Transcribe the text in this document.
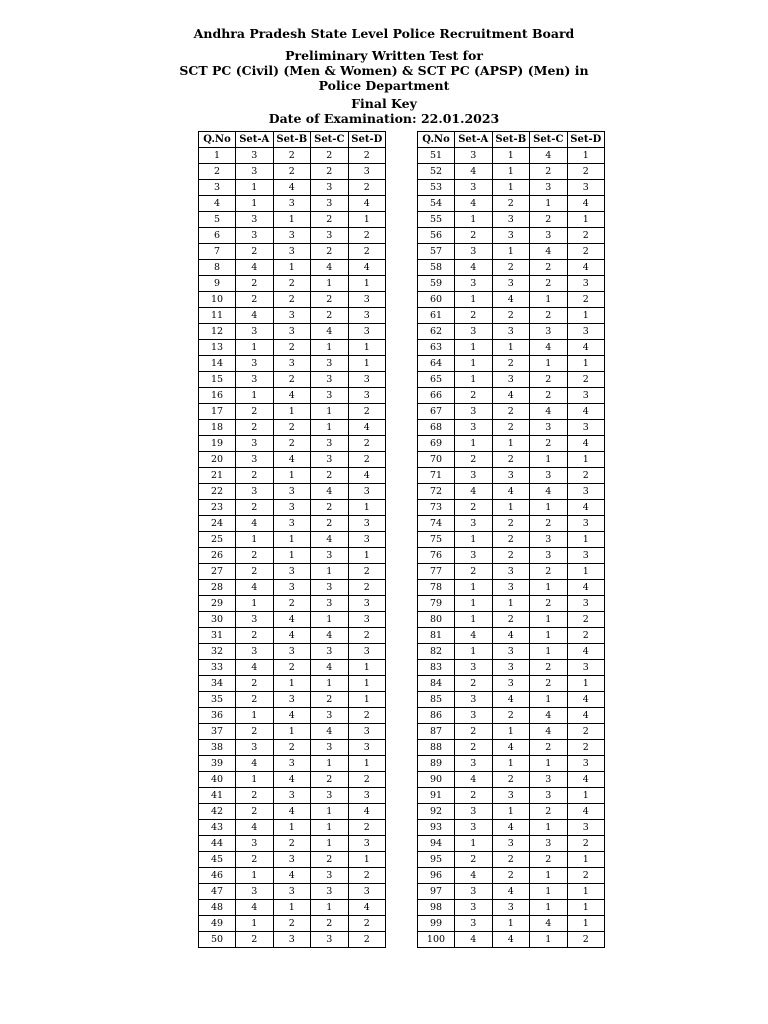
Andhra Pradesh State Level Police Recruitment Board
Preliminary Written Test for
SCT PC (Civil) (Men & Women) & SCT PC (APSP) (Men) in
Police Department
Final Key
Date of Examination: 22.01.2023
Q.No	Set-A	Set-B	Set-C	Set-D
1	3	2	2	2
2	3	2	2	3
3	1	4	3	2
4	1	3	3	4
5	3	1	2	1
6	3	3	3	2
7	2	3	2	2
8	4	1	4	4
9	2	2	1	1
10	2	2	2	3
11	4	3	2	3
12	3	3	4	3
13	1	2	1	1
14	3	3	3	1
15	3	2	3	3
16	1	4	3	3
17	2	1	1	2
18	2	2	1	4
19	3	2	3	2
20	3	4	3	2
21	2	1	2	4
22	3	3	4	3
23	2	3	2	1
24	4	3	2	3
25	1	1	4	3
26	2	1	3	1
27	2	3	1	2
28	4	3	3	2
29	1	2	3	3
30	3	4	1	3
31	2	4	4	2
32	3	3	3	3
33	4	2	4	1
34	2	1	1	1
35	2	3	2	1
36	1	4	3	2
37	2	1	4	3
38	3	2	3	3
39	4	3	1	1
40	1	4	2	2
41	2	3	3	3
42	2	4	1	4
43	4	1	1	2
44	3	2	1	3
45	2	3	2	1
46	1	4	3	2
47	3	3	3	3
48	4	1	1	4
49	1	2	2	2
50	2	3	3	2
Q.No	Set-A	Set-B	Set-C	Set-D
51	3	1	4	1
52	4	1	2	2
53	3	1	3	3
54	4	2	1	4
55	1	3	2	1
56	2	3	3	2
57	3	1	4	2
58	4	2	2	4
59	3	3	2	3
60	1	4	1	2
61	2	2	2	1
62	3	3	3	3
63	1	1	4	4
64	1	2	1	1
65	1	3	2	2
66	2	4	2	3
67	3	2	4	4
68	3	2	3	3
69	1	1	2	4
70	2	2	1	1
71	3	3	3	2
72	4	4	4	3
73	2	1	1	4
74	3	2	2	3
75	1	2	3	1
76	3	2	3	3
77	2	3	2	1
78	1	3	1	4
79	1	1	2	3
80	1	2	1	2
81	4	4	1	2
82	1	3	1	4
83	3	3	2	3
84	2	3	2	1
85	3	4	1	4
86	3	2	4	4
87	2	1	4	2
88	2	4	2	2
89	3	1	1	3
90	4	2	3	4
91	2	3	3	1
92	3	1	2	4
93	3	4	1	3
94	1	3	3	2
95	2	2	2	1
96	4	2	1	2
97	3	4	1	1
98	3	3	1	1
99	3	1	4	1
100	4	4	1	2
